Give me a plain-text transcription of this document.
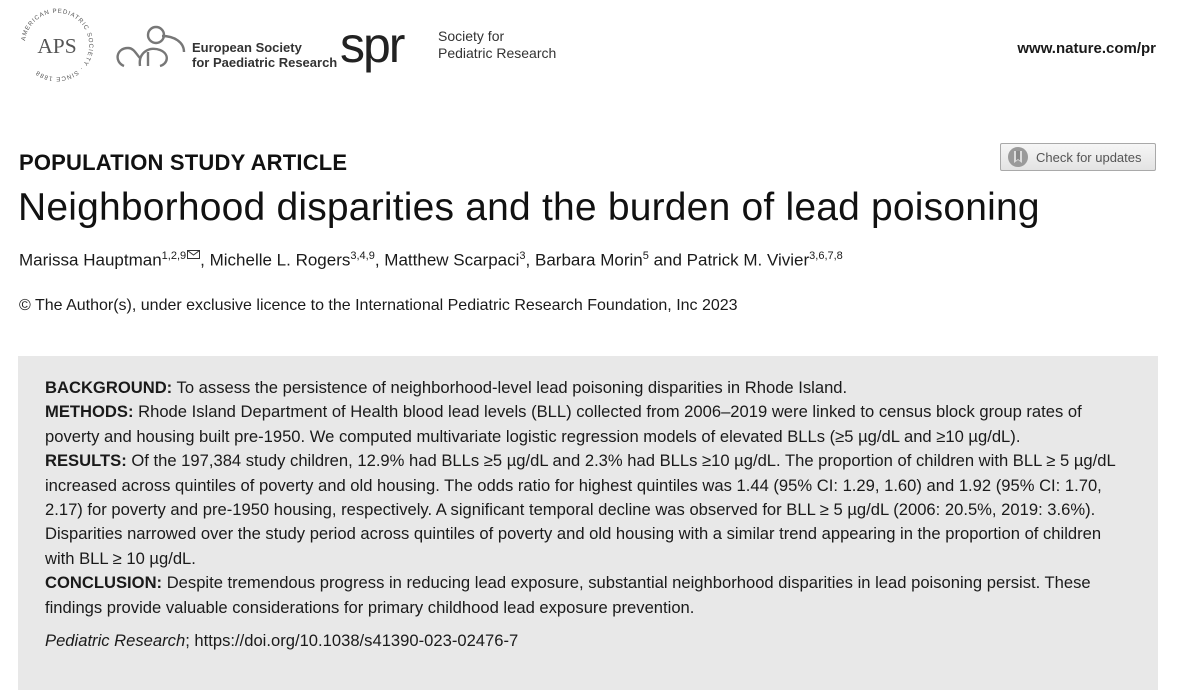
AMERICAN PEDIATRIC SOCIETY · SINCE 1888
APS	European Society
for Paediatric Research spr Society for
Pediatric Research	www.nature.com/pr
Check for updates
POPULATION STUDY ARTICLE
Neighborhood disparities and the burden of lead poisoning
Marissa Hauptman$^{1,2,9}$ , Michelle L. Rogers$^{3,4,9}$, Matthew Scarpaci$^3$, Barbara Morin$^5$ and Patrick M. Vivier$^{3,6,7,8}$
© The Author(s), under exclusive licence to the International Pediatric Research Foundation, Inc 2023

BACKGROUND: To assess the persistence of neighborhood-level lead poisoning disparities in Rhode Island.

METHODS: Rhode Island Department of Health blood lead levels (BLL) collected from 2006–2019 were linked to census block group rates of poverty and housing built pre-1950. We computed multivariate logistic regression models of elevated BLLs (≥5 µg/dL and ≥10 µg/dL).

RESULTS: Of the 197,384 study children, 12.9% had BLLs ≥5 µg/dL and 2.3% had BLLs ≥10 µg/dL. The proportion of children with BLL ≥ 5 µg/dL increased across quintiles of poverty and old housing. The odds ratio for highest quintiles was 1.44 (95% CI: 1.29, 1.60) and 1.92 (95% CI: 1.70, 2.17) for poverty and pre-1950 housing, respectively. A significant temporal decline was observed for BLL ≥ 5 µg/dL (2006: 20.5%, 2019: 3.6%). Disparities narrowed over the study period across quintiles of poverty and old housing with a similar trend appearing in the proportion of children with BLL ≥ 10 µg/dL.

CONCLUSION: Despite tremendous progress in reducing lead exposure, substantial neighborhood disparities in lead poisoning persist. These findings provide valuable considerations for primary childhood lead exposure prevention.

Pediatric Research; https://doi.org/10.1038/s41390-023-02476-7
